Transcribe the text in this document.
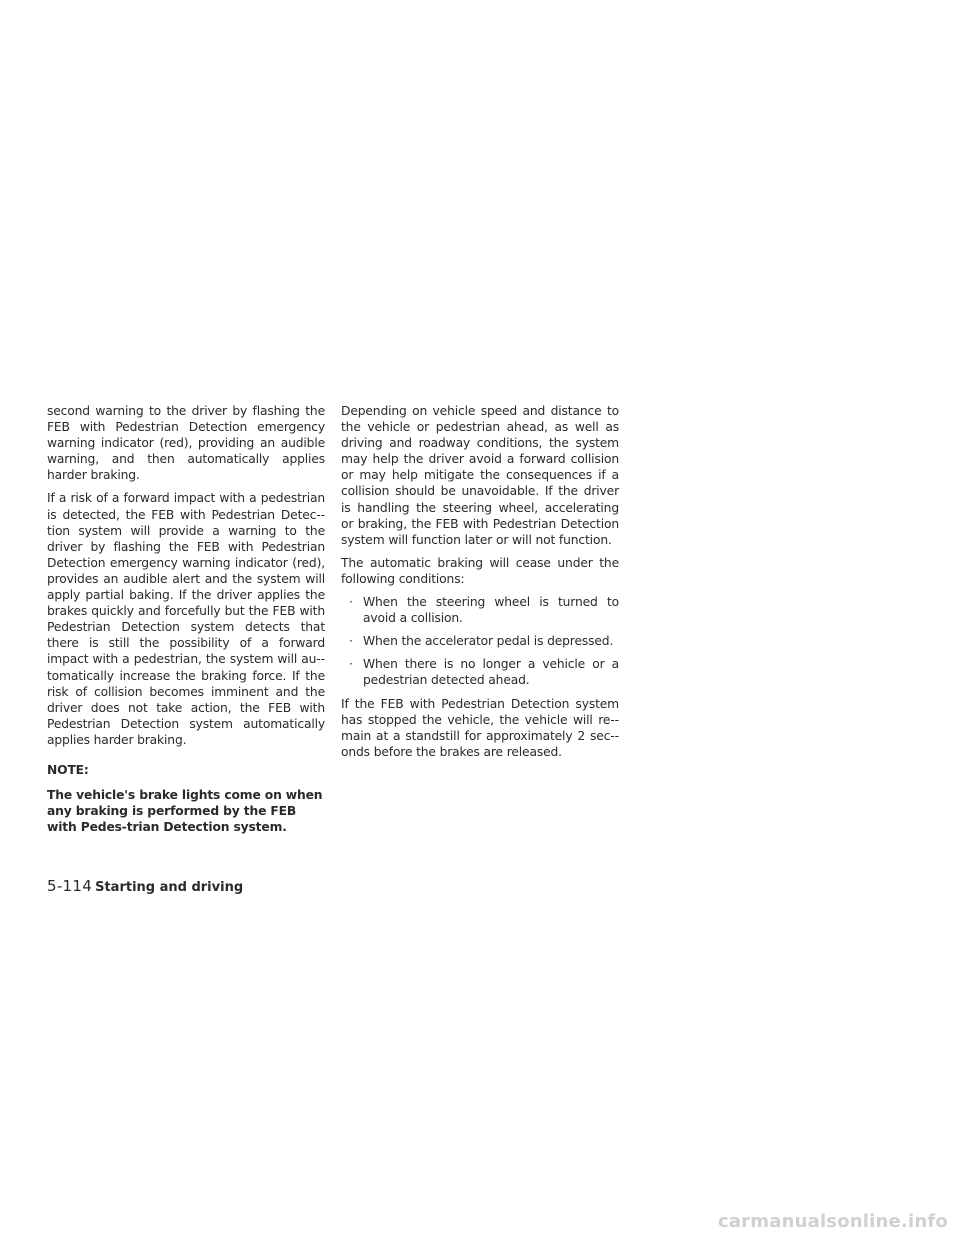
second warning to the driver by flashing the FEB with Pedestrian Detection emergency warning indicator (red), providing an audible warning, and then automatically applies harder braking.

If a risk of a forward impact with a pedestrian is detected, the FEB with Pedestrian Detec-tion system will provide a warning to the driver by flashing the FEB with Pedestrian Detection emergency warning indicator (red), provides an audible alert and the system will apply partial baking. If the driver applies the brakes quickly and forcefully but the FEB with Pedestrian Detection system detects that there is still the possibility of a forward impact with a pedestrian, the system will au-tomatically increase the braking force. If the risk of collision becomes imminent and the driver does not take action, the FEB with Pedestrian Detection system automatically applies harder braking.

NOTE:

The vehicle's brake lights come on when any braking is performed by the FEB with Pedes-trian Detection system.

Depending on vehicle speed and distance to the vehicle or pedestrian ahead, as well as driving and roadway conditions, the system may help the driver avoid a forward collision or may help mitigate the consequences if a collision should be unavoidable. If the driver is handling the steering wheel, accelerating or braking, the FEB with Pedestrian Detection system will function later or will not function.

The automatic braking will cease under the following conditions:

· When the steering wheel is turned to avoid a collision.
· When the accelerator pedal is depressed.
· When there is no longer a vehicle or a pedestrian detected ahead.

If the FEB with Pedestrian Detection system has stopped the vehicle, the vehicle will re-main at a standstill for approximately 2 sec-onds before the brakes are released.

5-114 Starting and driving
carmanualsonline.info
